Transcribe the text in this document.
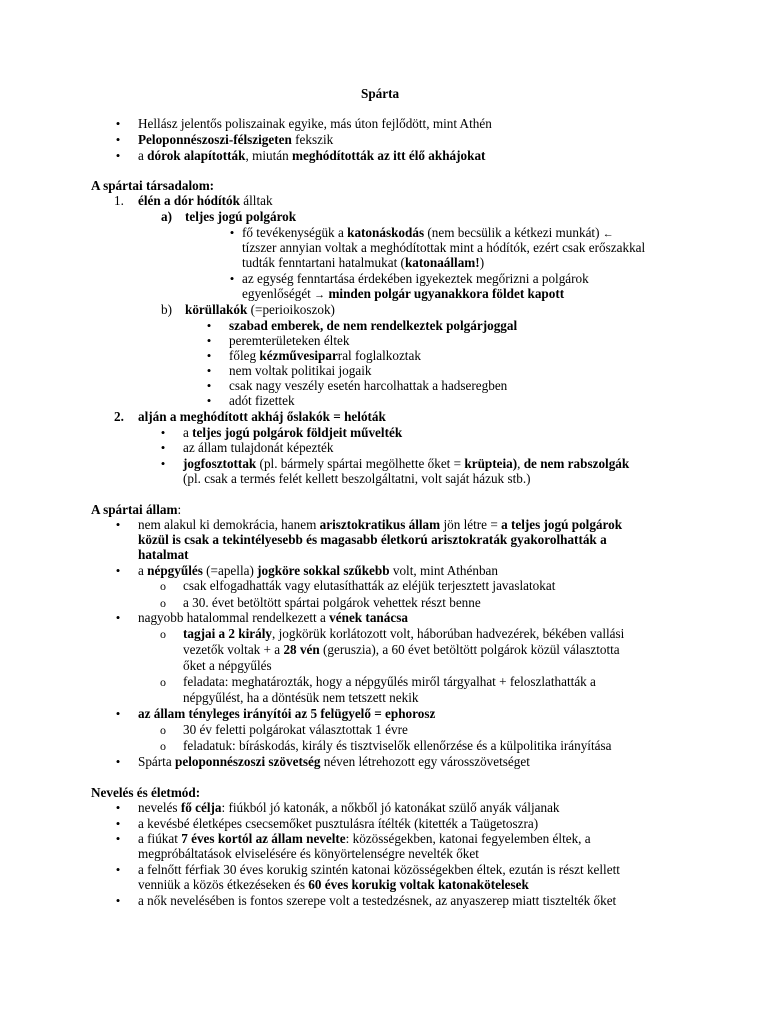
Spárta
•
Hellász jelentős poliszainak egyike, más úton fejlődött, mint Athén
•
Peloponnészoszi-félszigeten fekszik
•
a dórok alapították, miután meghódították az itt élő akhájokat
A spártai társadalom:
1. élén a dór hódítók álltak
a) teljes jogú polgárok
•
fő tevékenységük a katonáskodás (nem becsülik a kétkezi munkát) ←
tízszer annyian voltak a meghódítottak mint a hódítók, ezért csak erőszakkal
tudták fenntartani hatalmukat (katonaállam!)
•
az egység fenntartása érdekében igyekeztek megőrizni a polgárok
egyenlőségét → minden polgár ugyanakkora földet kapott
b) körüllakók (=perioikoszok)
•
szabad emberek, de nem rendelkeztek polgárjoggal
•
peremterületeken éltek
•
főleg kézművesiparral foglalkoztak
•
nem voltak politikai jogaik
•
csak nagy veszély esetén harcolhattak a hadseregben
•
adót fizettek
2. alján a meghódított akháj őslakók = helóták
•
a teljes jogú polgárok földjeit művelték
•
az állam tulajdonát képezték
•
jogfosztottak (pl. bármely spártai megölhette őket = krüpteia), de nem rabszolgák
(pl. csak a termés felét kellett beszolgáltatni, volt saját házuk stb.)
A spártai állam:
•
nem alakul ki demokrácia, hanem arisztokratikus állam jön létre = a teljes jogú polgárok
közül is csak a tekintélyesebb és magasabb életkorú arisztokraták gyakorolhatták a
hatalmat
•
a népgyűlés (=apella) jogköre sokkal szűkebb volt, mint Athénban
o
csak elfogadhatták vagy elutasíthatták az eléjük terjesztett javaslatokat
o
a 30. évet betöltött spártai polgárok vehettek részt benne
•
nagyobb hatalommal rendelkezett a vének tanácsa
o
tagjai a 2 király, jogkörük korlátozott volt, háborúban hadvezérek, békében vallási
vezetők voltak + a 28 vén (geruszia), a 60 évet betöltött polgárok közül választotta
őket a népgyűlés
o
feladata: meghatározták, hogy a népgyűlés miről tárgyalhat + feloszlathatták a
népgyűlést, ha a döntésük nem tetszett nekik
•
az állam tényleges irányítói az 5 felügyelő = ephorosz
o
30 év feletti polgárokat választottak 1 évre
o
feladatuk: bíráskodás, király és tisztviselők ellenőrzése és a külpolitika irányítása
•
Spárta peloponnészoszi szövetség néven létrehozott egy városszövetséget
Nevelés és életmód:
•
nevelés fő célja: fiúkból jó katonák, a nőkből jó katonákat szülő anyák váljanak
•
a kevésbé életképes csecsemőket pusztulásra ítélték (kitették a Taügetoszra)
•
a fiúkat 7 éves kortól az állam nevelte: közösségekben, katonai fegyelemben éltek, a
megpróbáltatások elviselésére és könyörtelenségre nevelték őket
•
a felnőtt férfiak 30 éves korukig szintén katonai közösségekben éltek, ezután is részt kellett
venniük a közös étkezéseken és 60 éves korukig voltak katonakötelesek
•
a nők nevelésében is fontos szerepe volt a testedzésnek, az anyaszerep miatt tisztelték őket
